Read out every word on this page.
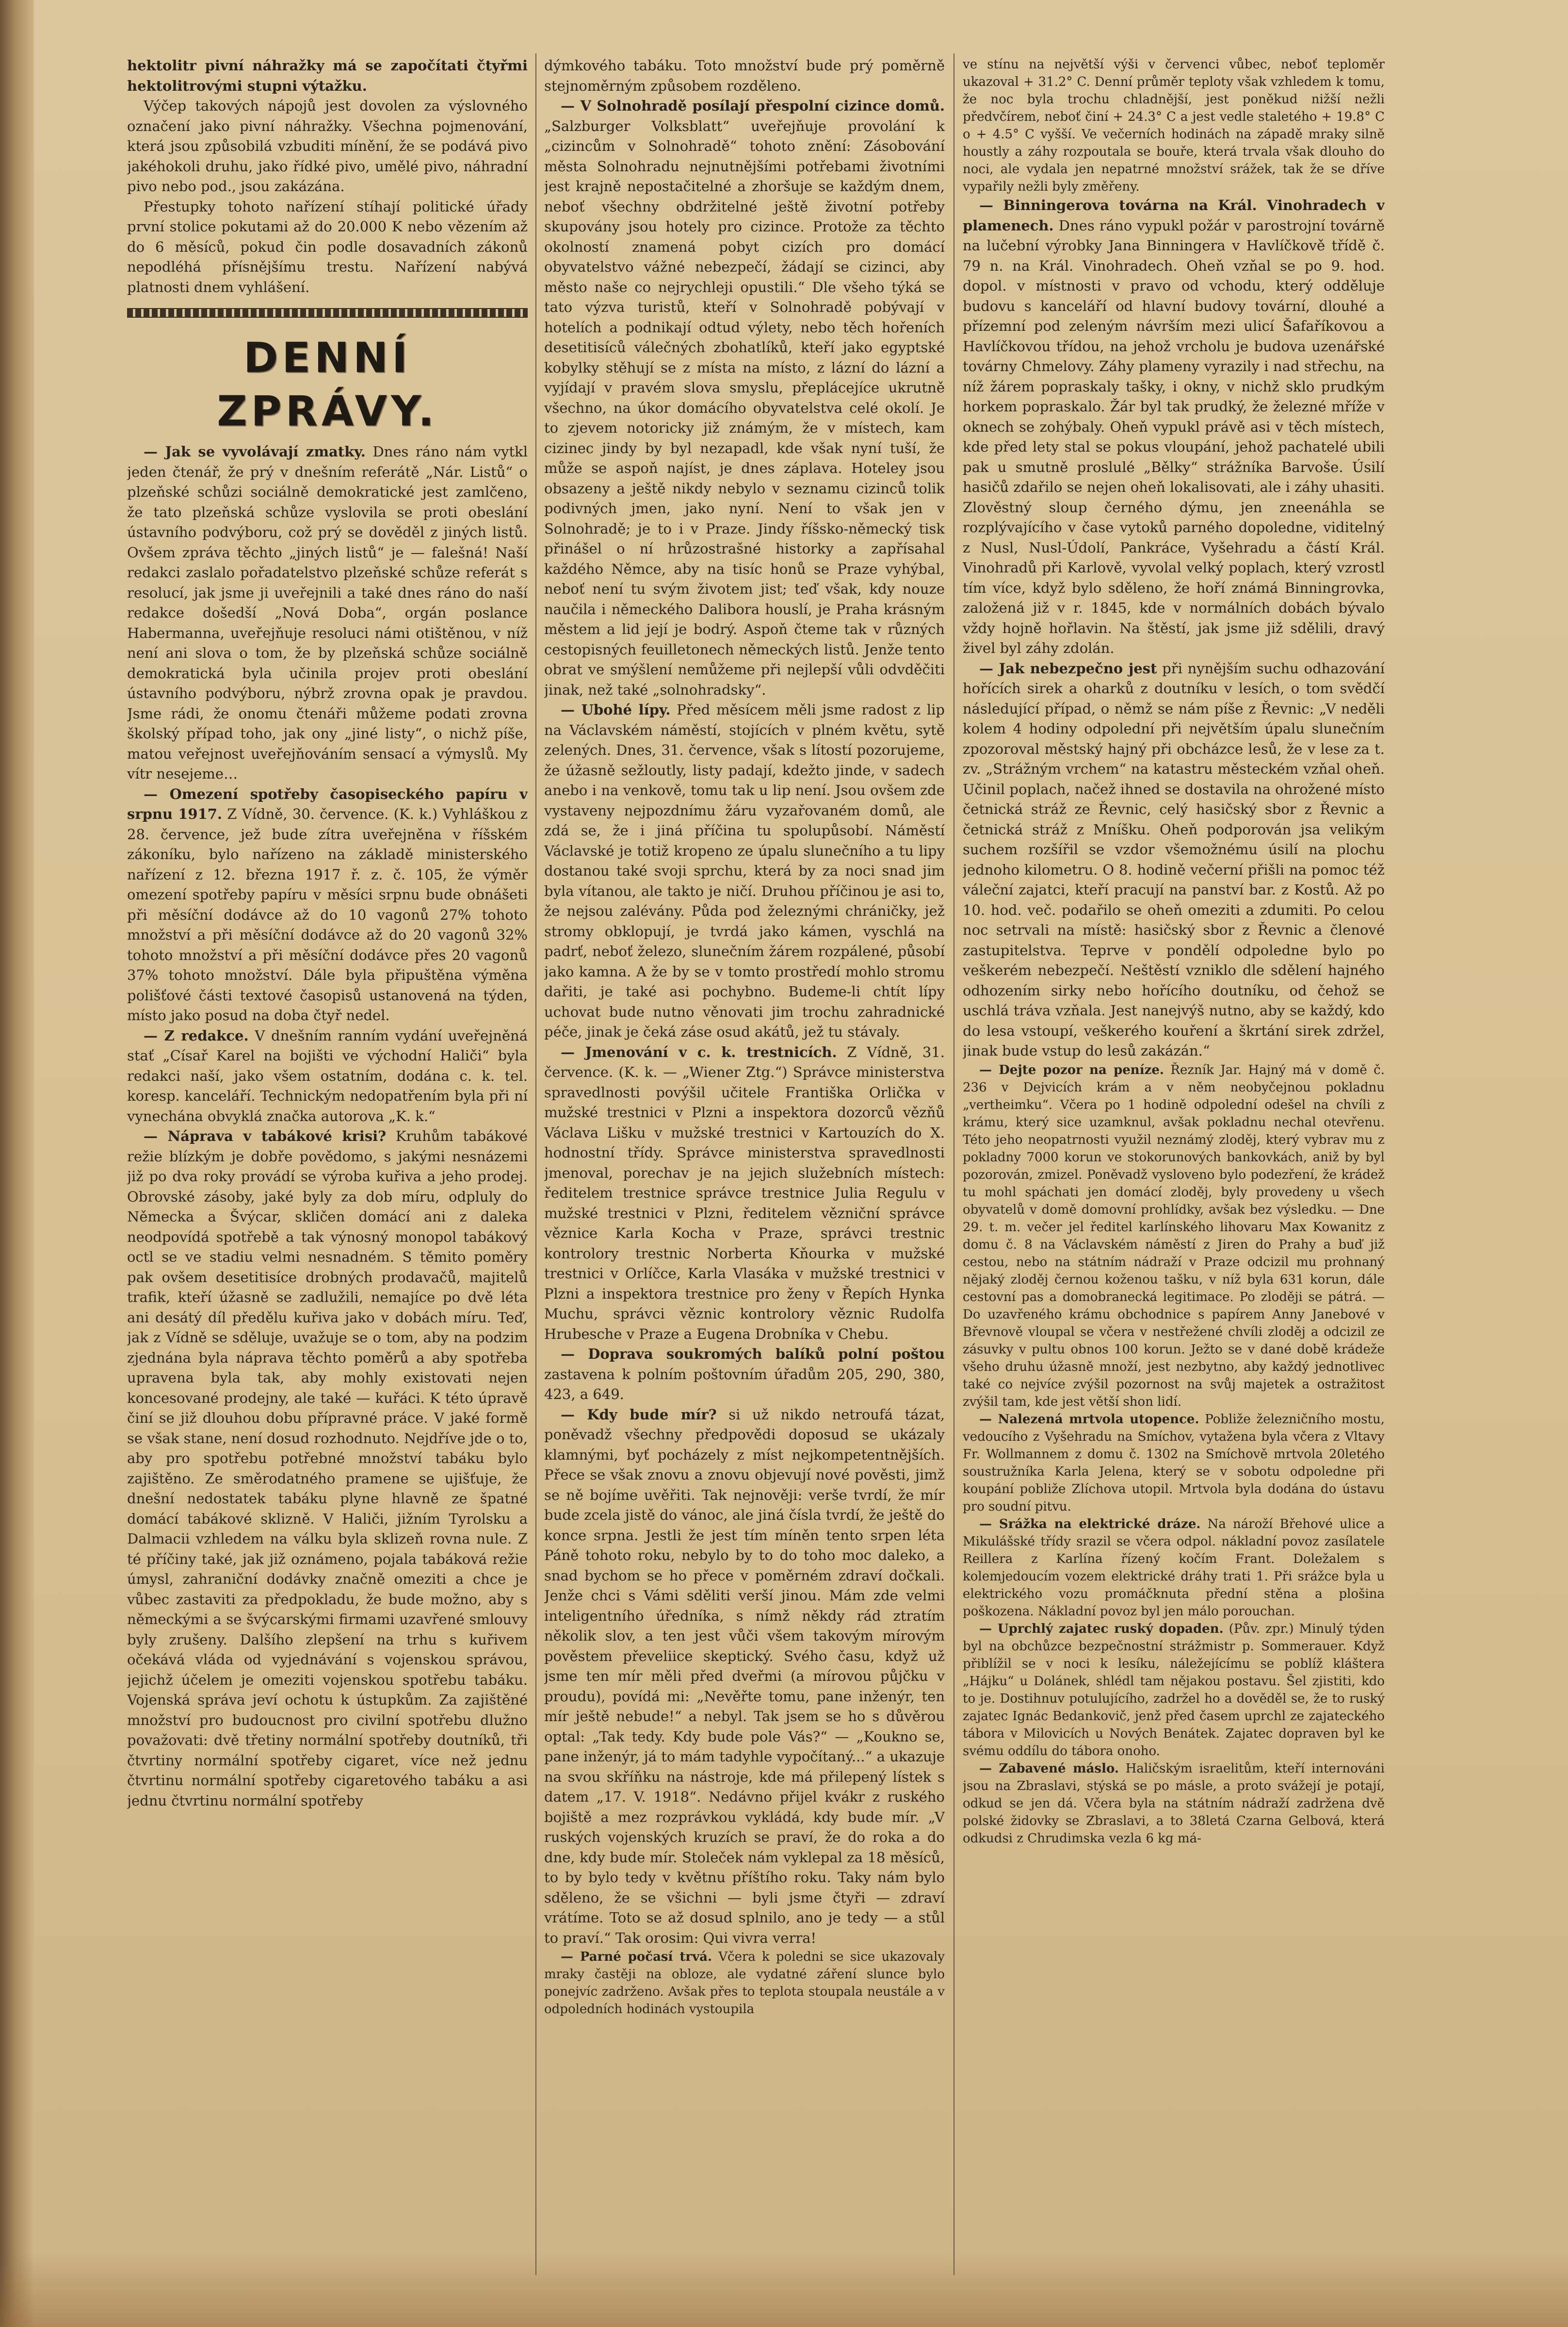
hektolitr pivní náhražky má se započítati čtyřmi hektolitrovými stupni výtažku.

Výčep takových nápojů jest dovolen za výslovného označení jako pivní náhražky. Všechna pojmenování, která jsou způsobilá vzbuditi mínění, že se podává pivo jakéhokoli druhu, jako řídké pivo, umělé pivo, náhradní pivo nebo pod., jsou zakázána.

Přestupky tohoto nařízení stíhají politické úřady první stolice pokutami až do 20.000 K nebo vězením až do 6 měsíců, pokud čin podle dosavadních zákonů nepodléhá přísnějšímu trestu. Nařízení nabývá platnosti dnem vyhlášení.

DENNÍ ZPRÁVY.

— Jak se vyvolávají zmatky. Dnes ráno nám vytkl jeden čtenář, že prý v dnešním referátě „Nár. Listů“ o plzeňské schůzi sociálně demokratické jest zamlčeno, že tato plzeňská schůze vyslovila se proti obeslání ústavního podvýboru, což prý se dověděl z jiných listů. Ovšem zpráva těchto „jiných listů“ je — falešná! Naší redakci zaslalo pořadatelstvo plzeňské schůze referát s resolucí, jak jsme ji uveřejnili a také dnes ráno do naší redakce došedší „Nová Doba“, orgán poslance Habermanna, uveřejňuje resoluci námi otištěnou, v níž není ani slova o tom, že by plzeňská schůze sociálně demokratická byla učinila projev proti obeslání ústavního podvýboru, nýbrž zrovna opak je pravdou. Jsme rádi, že onomu čtenáři můžeme podati zrovna školský případ toho, jak ony „jiné listy“, o nichž píše, matou veřejnost uveřejňováním sensací a výmyslů. My vítr nesejeme…

— Omezení spotřeby časopiseckého papíru v srpnu 1917. Z Vídně, 30. července. (K. k.) Vyhláškou z 28. července, jež bude zítra uveřejněna v říšském zákoníku, bylo nařízeno na základě ministerského nařízení z 12. března 1917 ř. z. č. 105, že výměr omezení spotřeby papíru v měsíci srpnu bude obnášeti při měsíční dodávce až do 10 vagonů 27% tohoto množství a při měsíční dodávce až do 20 vagonů 32% tohoto množství a při měsíční dodávce přes 20 vagonů 37% tohoto množství. Dále byla připuštěna výměna polišťové části textové časopisů ustanovená na týden, místo jako posud na doba čtyř nedel.

— Z redakce. V dnešním ranním vydání uveřejněná stať „Císař Karel na bojišti ve východní Haliči“ byla redakci naší, jako všem ostatním, dodána c. k. tel. koresp. kanceláří. Technickým nedopatřením byla při ní vynechána obvyklá značka autorova „K. k.“

— Náprava v tabákové krisi? Kruhům tabákové režie blízkým je dobře povědomo, s jakými nesnázemi již po dva roky provádí se výroba kuřiva a jeho prodej. Obrovské zásoby, jaké byly za dob míru, odpluly do Německa a Švýcar, skličen domácí ani z daleka neodpovídá spotřebě a tak výnosný monopol tabákový octl se ve stadiu velmi nesnadném. S těmito poměry pak ovšem desetitisíce drobných prodavačů, majitelů trafik, kteří úžasně se zadlužili, nemajíce po dvě léta ani desátý díl předělu kuřiva jako v dobách míru. Teď, jak z Vídně se sděluje, uvažuje se o tom, aby na podzim zjednána byla náprava těchto poměrů a aby spotřeba upravena byla tak, aby mohly existovati nejen koncesované prodejny, ale také — kuřáci. K této úpravě činí se již dlouhou dobu přípravné práce. V jaké formě se však stane, není dosud rozhodnuto. Nejdříve jde o to, aby pro spotřebu potřebné množství tabáku bylo zajištěno. Ze směrodatného pramene se ujišťuje, že dnešní nedostatek tabáku plyne hlavně ze špatné domácí tabákové sklizně. V Haliči, jižním Tyrolsku a Dalmacii vzhledem na válku byla sklizeň rovna nule. Z té příčiny také, jak již oznámeno, pojala tabáková režie úmysl, zahraniční dodávky značně omeziti a chce je vůbec zastaviti za předpokladu, že bude možno, aby s německými a se švýcarskými firmami uzavřené smlouvy byly zrušeny. Dalšího zlepšení na trhu s kuřivem očekává vláda od vyjednávání s vojenskou správou, jejichž účelem je omeziti vojenskou spotřebu tabáku. Vojenská správa jeví ochotu k ústupkům. Za zajištěné množství pro budoucnost pro civilní spotřebu dlužno považovati: dvě třetiny normální spotřeby doutníků, tři čtvrtiny normální spotřeby cigaret, více než jednu čtvrtinu normální spotřeby cigaretového tabáku a asi jednu čtvrtinu normální spotřeby

dýmkového tabáku. Toto množství bude prý poměrně stejnoměrným způsobem rozděleno.

— V Solnohradě posílají přespolní cizince domů. „Salzburger Volksblatt“ uveřejňuje provolání k „cizincům v Solnohradě“ tohoto znění: Zásobování města Solnohradu nejnutnějšími potřebami životními jest krajně nepostačitelné a zhoršuje se každým dnem, neboť všechny obdržitelné ještě životní potřeby skupovány jsou hotely pro cizince. Protože za těchto okolností znamená pobyt cizích pro domácí obyvatelstvo vážné nebezpečí, žádají se cizinci, aby město naše co nejrychleji opustili.“ Dle všeho týká se tato výzva turistů, kteří v Solnohradě pobývají v hotelích a podnikají odtud výlety, nebo těch hořeních desetitisíců válečných zbohatlíků, kteří jako egyptské kobylky stěhují se z místa na místo, z lázní do lázní a vyjídají v pravém slova smyslu, přeplácejíce ukrutně všechno, na úkor domácího obyvatelstva celé okolí. Je to zjevem notoricky již známým, že v místech, kam cizinec jindy by byl nezapadl, kde však nyní tuší, že může se aspoň najíst, je dnes záplava. Hoteley jsou obsazeny a ještě nikdy nebylo v seznamu cizinců tolik podivných jmen, jako nyní. Není to však jen v Solnohradě; je to i v Praze. Jindy říšsko-německý tisk přinášel o ní hrůzostrašné historky a zapřísahal každého Němce, aby na tisíc honů se Praze vyhýbal, neboť není tu svým životem jist; teď však, kdy nouze naučila i německého Dalibora houslí, je Praha krásným městem a lid její je bodrý. Aspoň čteme tak v různých cestopisných feuilletonech německých listů. Jenže tento obrat ve smýšlení nemůžeme při nejlepší vůli odvděčiti jinak, než také „solnohradsky“.

— Ubohé lípy. Před měsícem měli jsme radost z lip na Václavském náměstí, stojících v plném květu, sytě zelených. Dnes, 31. července, však s lítostí pozorujeme, že úžasně sežloutly, listy padají, kdežto jinde, v sadech anebo i na venkově, tomu tak u lip není. Jsou ovšem zde vystaveny nejpozdnímu žáru vyzařovaném domů, ale zdá se, že i jiná příčina tu spolupůsobí. Náměstí Václavské je totiž kropeno ze úpalu slunečního a tu lipy dostanou také svoji sprchu, která by za noci snad jim byla vítanou, ale takto je ničí. Druhou příčinou je asi to, že nejsou zalévány. Půda pod železnými chráničky, jež stromy obklopují, je tvrdá jako kámen, vyschlá na padrť, neboť železo, slunečním žárem rozpálené, působí jako kamna. A že by se v tomto prostředí mohlo stromu dařiti, je také asi pochybno. Budeme-li chtít lípy uchovat bude nutno věnovati jim trochu zahradnické péče, jinak je čeká záse osud akátů, jež tu stávaly.

— Jmenování v c. k. trestnicích. Z Vídně, 31. července. (K. k. — „Wiener Ztg.“) Správce ministerstva spravedlnosti povýšil učitele Františka Orlička v mužské trestnici v Plzni a inspektora dozorců vězňů Václava Lišku v mužské trestnici v Kartouzích do X. hodnostní třídy. Správce ministerstva spravedlnosti jmenoval, porechav je na jejich služebních místech: ředitelem trestnice správce trestnice Julia Regulu v mužské trestnici v Plzni, ředitelem vězniční správce věznice Karla Kocha v Praze, správci trestnic kontrolory trestnic Norberta Kňourka v mužské trestnici v Orlíčce, Karla Vlasáka v mužské trestnici v Plzni a inspektora trestnice pro ženy v Řepích Hynka Muchu, správci věznic kontrolory věznic Rudolfa Hrubesche v Praze a Eugena Drobníka v Chebu.

— Doprava soukromých balíků polní poštou zastavena k polním poštovním úřadům 205, 290, 380, 423, a 649.

— Kdy bude mír? si už nikdo netroufá tázat, poněvadž všechny předpovědi doposud se ukázaly klamnými, byť pocházely z míst nejkompetentnějších. Přece se však znovu a znovu objevují nové pověsti, jimž se ně bojíme uvěřiti. Tak nejnověji: verše tvrdí, že mír bude zcela jistě do vánoc, ale jiná čísla tvrdí, že ještě do konce srpna. Jestli že jest tím míněn tento srpen léta Páně tohoto roku, nebylo by to do toho moc daleko, a snad bychom se ho přece v poměrném zdraví dočkali. Jenže chci s Vámi sděliti verší jinou. Mám zde velmi inteligentního úředníka, s nímž někdy rád ztratím několik slov, a ten jest vůči všem takovým mírovým pověstem převeliice skeptický. Svého času, když už jsme ten mír měli před dveřmi (a mírovou půjčku v proudu), povídá mi: „Nevěřte tomu, pane inženýr, ten mír ještě nebude!“ a nebyl. Tak jsem se ho s důvěrou optal: „Tak tedy. Kdy bude pole Vás?“ — „Koukno se, pane inženýr, já to mám tadyhle vypočítaný...“ a ukazuje na svou skříňku na nástroje, kde má přilepený lístek s datem „17. V. 1918“. Nedávno přijel kvákr z ruského bojiště a mez rozprávkou vykládá, kdy bude mír. „V ruských vojenských kruzích se praví, že do roka a do dne, kdy bude mír. Stoleček nám vyklepal za 18 měsíců, to by bylo tedy v květnu příštího roku. Taky nám bylo sděleno, že se všichni — byli jsme čtyři — zdraví vrátíme. Toto se až dosud splnilo, ano je tedy — a stůl to praví.“ Tak orosim: Qui vivra verra!

— Parné počasí trvá. Včera k poledni se sice ukazovaly mraky častěji na obloze, ale vydatné záření slunce bylo ponejvíc zadrženo. Avšak přes to teplota stoupala neustále a v odpoledních hodinách vystoupila

ve stínu na největší výši v červenci vůbec, neboť teploměr ukazoval + 31.2° C. Denní průměr teploty však vzhledem k tomu, že noc byla trochu chladnější, jest poněkud nižší nežli předvčírem, neboť činí + 24.3° C a jest vedle staletého + 19.8° C o + 4.5° C vyšší. Ve večerních hodinách na západě mraky silně houstly a záhy rozpoutala se bouře, která trvala však dlouho do noci, ale vydala jen nepatrné množství srážek, tak že se dříve vypařily nežli byly změřeny.

— Binningerova továrna na Král. Vinohradech v plamenech. Dnes ráno vypukl požár v parostrojní továrně na lučební výrobky Jana Binningera v Havlíčkově třídě č. 79 n. na Král. Vinohradech. Oheň vzňal se po 9. hod. dopol. v místnosti v pravo od vchodu, který odděluje budovu s kanceláří od hlavní budovy tovární, dlouhé a přízemní pod zeleným návrším mezi ulicí Šafaříkovou a Havlíčkovou třídou, na jehož vrcholu je budova uzenářské továrny Chmelovy. Záhy plameny vyrazily i nad střechu, na níž žárem popraskaly tašky, i okny, v nichž sklo prudkým horkem popraskalo. Žár byl tak prudký, že železné mříže v oknech se zohýbaly. Oheň vypukl právě asi v těch místech, kde před lety stal se pokus vloupání, jehož pachatelé ubili pak u smutně proslulé „Bělky“ strážníka Barvoše. Úsilí hasičů zdařilo se nejen oheň lokalisovati, ale i záhy uhasiti. Zlověstný sloup černého dýmu, jen zneenáhla se rozplývajícího v čase vytoků parného dopoledne, viditelný z Nusl, Nusl-Údolí, Pankráce, Vyšehradu a částí Král. Vinohradů při Karlově, vyvolal velký poplach, který vzrostl tím více, když bylo sděleno, že hoří známá Binningrovka, založená již v r. 1845, kde v normálních dobách bývalo vždy hojně hořlavin. Na štěstí, jak jsme již sdělili, dravý živel byl záhy zdolán.

— Jak nebezpečno jest při nynějším suchu odhazování hořících sirek a oharků z doutníku v lesích, o tom svědčí následující případ, o němž se nám píše z Řevnic: „V neděli kolem 4 hodiny odpolední při největším úpalu slunečním zpozoroval městský hajný při obcházce lesů, že v lese za t. zv. „Strážným vrchem“ na katastru městeckém vzňal oheň. Učinil poplach, načež ihned se dostavila na ohrožené místo četnická stráž ze Řevnic, celý hasičský sbor z Řevnic a četnická stráž z Mníšku. Oheň podporován jsa velikým suchem rozšířil se vzdor všemožnému úsilí na plochu jednoho kilometru. O 8. hodině večerní přišli na pomoc též váleční zajatci, kteří pracují na panství bar. z Kostů. Až po 10. hod. več. podařilo se oheň omeziti a zdumiti. Po celou noc setrvali na místě: hasičský sbor z Řevnic a členové zastupitelstva. Teprve v pondělí odpoledne bylo po veškerém nebezpečí. Neštěstí vzniklo dle sdělení hajného odhozením sirky nebo hořícího doutníku, od čehož se uschlá tráva vzňala. Jest nanejvýš nutno, aby se každý, kdo do lesa vstoupí, veškerého kouření a škrtání sirek zdržel, jinak bude vstup do lesů zakázán.“

— Dejte pozor na peníze. Řezník Jar. Hajný má v domě č. 236 v Dejvicích krám a v něm neobyčejnou pokladnu „vertheimku“. Včera po 1 hodině odpolední odešel na chvíli z krámu, který sice uzamknul, avšak pokladnu nechal otevřenu. Této jeho neopatrnosti využil neznámý zloděj, který vybrav mu z pokladny 7000 korun ve stokorunových bankovkách, aniž by byl pozorován, zmizel. Poněvadž vysloveno bylo podezření, že krádež tu mohl spáchati jen domácí zloděj, byly provedeny u všech obyvatelů v domě domovní prohlídky, avšak bez výsledku. — Dne 29. t. m. večer jel ředitel karlínského lihovaru Max Kowanitz z domu č. 8 na Václavském náměstí z Jiren do Prahy a buď již cestou, nebo na státním nádraží v Praze odcizil mu prohnaný nějaký zloděj černou koženou tašku, v níž byla 631 korun, dále cestovní pas a domobranecká legitimace. Po zloději se pátrá. — Do uzavřeného krámu obchodnice s papírem Anny Janebové v Břevnově vloupal se včera v nestřežené chvíli zloděj a odcizil ze zásuvky v pultu obnos 100 korun. Ježto se v dané době krádeže všeho druhu úžasně množí, jest nezbytno, aby každý jednotlivec také co nejvíce zvýšil pozornost na svůj majetek a ostražitost zvýšil tam, kde jest větší shon lidí.

— Nalezená mrtvola utopence. Pobliže železničního mostu, vedoucího z Vyšehradu na Smíchov, vytažena byla včera z Vltavy Fr. Wollmannem z domu č. 1302 na Smíchově mrtvola 20letého soustružníka Karla Jelena, který se v sobotu odpoledne při koupání pobliže Zlíchova utopil. Mrtvola byla dodána do ústavu pro soudní pitvu.

— Srážka na elektrické dráze. Na nároží Břehové ulice a Mikulášské třídy srazil se včera odpol. nákladní povoz zasílatele Reillera z Karlína řízený kočím Frant. Doležalem s kolemjedoucím vozem elektrické dráhy trati 1. Při srážce byla u elektrického vozu promáčknuta přední stěna a plošina poškozena. Nákladní povoz byl jen málo porouchan.

— Uprchlý zajatec ruský dopaden. (Pův. zpr.) Minulý týden byl na obchůzce bezpečnostní strážmistr p. Sommerauer. Když přiblížil se v noci k lesíku, náležejícímu se poblíž kláštera „Hájku“ u Dolánek, shlédl tam nějakou postavu. Šel zjistiti, kdo to je. Dostihnuv potulujícího, zadržel ho a dověděl se, že to ruský zajatec Ignác Bedankovič, jenž před časem uprchl ze zajateckého tábora v Milovicích u Nových Benátek. Zajatec dopraven byl ke svému oddílu do tábora onoho.

— Zabavené máslo. Haličským israelitům, kteří internováni jsou na Zbraslavi, stýská se po másle, a proto svážejí je potají, odkud se jen dá. Včera byla na státním nádraží zadržena dvě polské židovky se Zbraslavi, a to 38letá Czarna Gelbová, která odkudsi z Chrudimska vezla 6 kg má-
